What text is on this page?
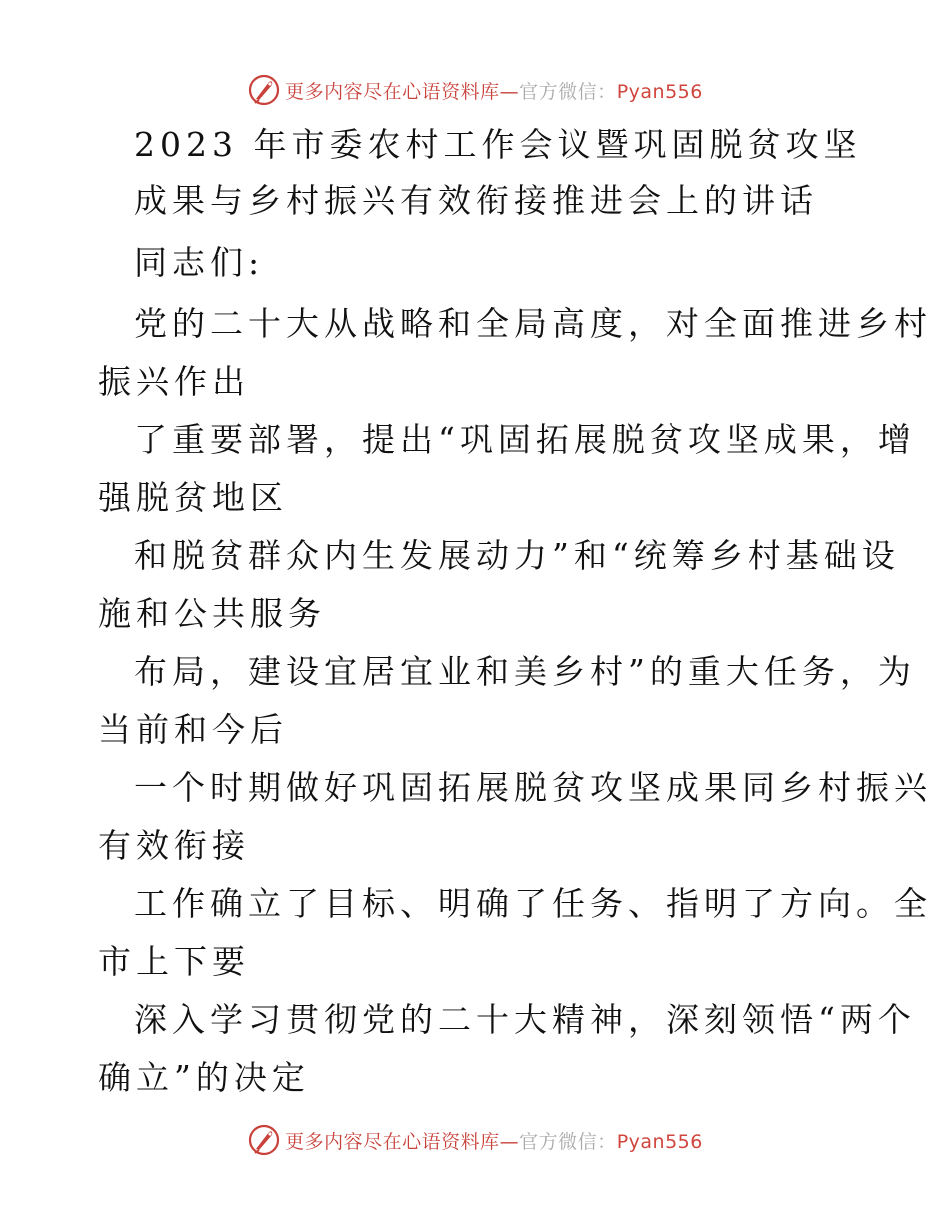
更多内容尽在心语资料库—官方微信：Pyan556
2023 年市委农村工作会议暨巩固脱贫攻坚
成果与乡村振兴有效衔接推进会上的讲话
同志们:
党的二十大从战略和全局高度，对全面推进乡村
振兴作出
了重要部署，提出“巩固拓展脱贫攻坚成果，增
强脱贫地区
和脱贫群众内生发展动力”和“统筹乡村基础设
施和公共服务
布局，建设宜居宜业和美乡村”的重大任务，为
当前和今后
一个时期做好巩固拓展脱贫攻坚成果同乡村振兴
有效衔接
工作确立了目标、明确了任务、指明了方向。全
市上下要
深入学习贯彻党的二十大精神，深刻领悟“两个
确立”的决定
更多内容尽在心语资料库—官方微信：Pyan556
